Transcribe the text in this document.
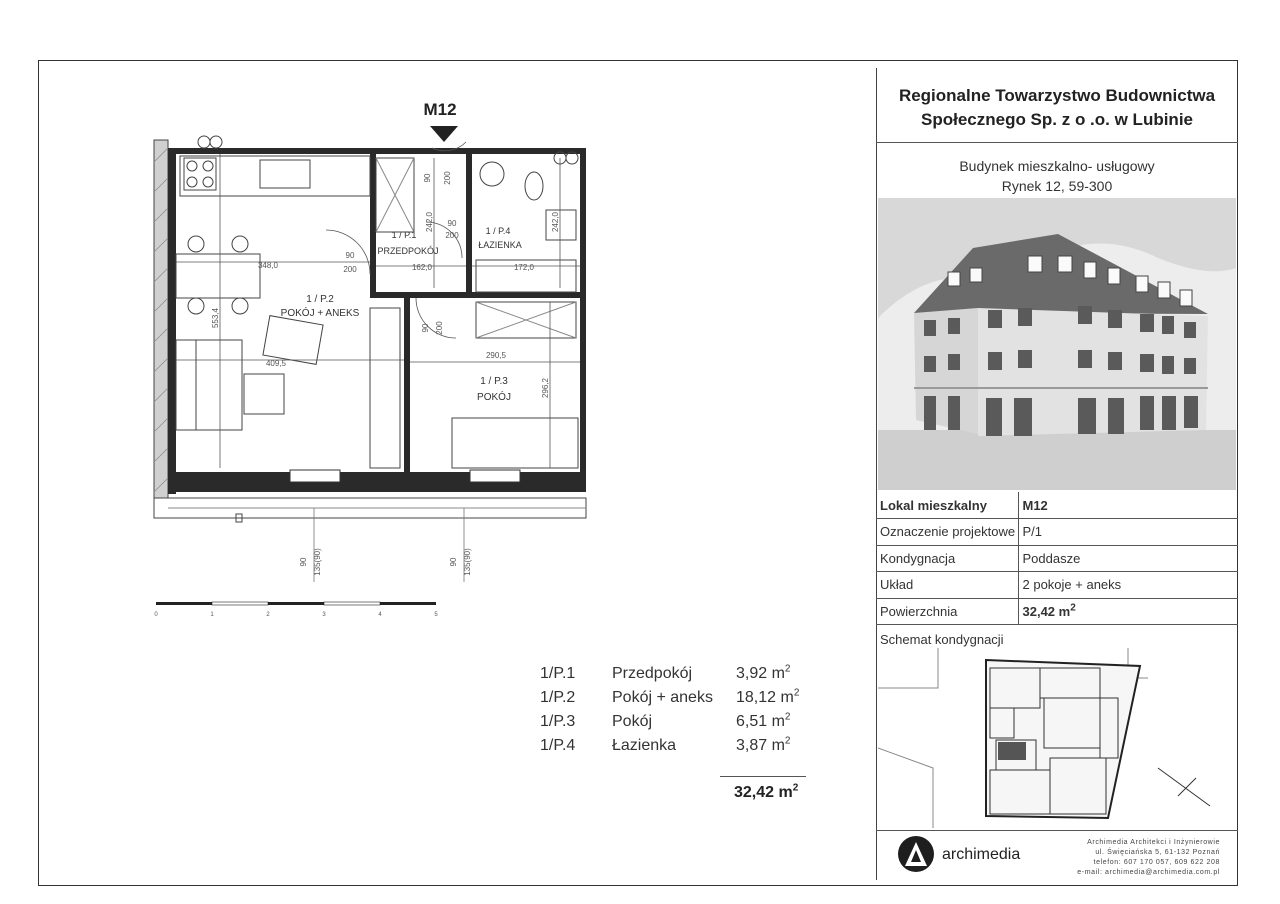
Regionalne Towarzystwo Budownictwa
Społecznego Sp. z o .o. w Lubinie
Budynek mieszkalno- usługowy
Rynek 12, 59-300
Lokal mieszkalny	M12
Oznaczenie projektowe	P/1
Kondygnacja	Poddasze
Układ	2 pokoje + aneks
Powierzchnia	32,42 $m^2$
Schemat kondygnacji
archimedia
Archimedia Architekci i Inżynierowie
ul. Święciańska 5, 61-132 Poznań
telefon: 607 170 057, 609 622 208
e-mail: archimedia@archimedia.com.pl
M12
1 / P.2
POKÓJ + ANEKS
1 / P.1
PRZEDPOKÓJ
1 / P.4
ŁAZIENKA
1 / P.3
POKÓJ
348,0
553,4
409,5
162,0
242,0
172,0
242,0
290,5
296,2
90
200
90
200
90 200
90 200
90 135(90)	90 135(90)
0	1	2	3	4	5
1/P.1	Przedpokój	3,92 $m^2$
1/P.2	Pokój + aneks	18,12 $m^2$
1/P.3	Pokój	6,51 $m^2$
1/P.4	Łazienka	3,87 $m^2$
32,42 $m^2$
